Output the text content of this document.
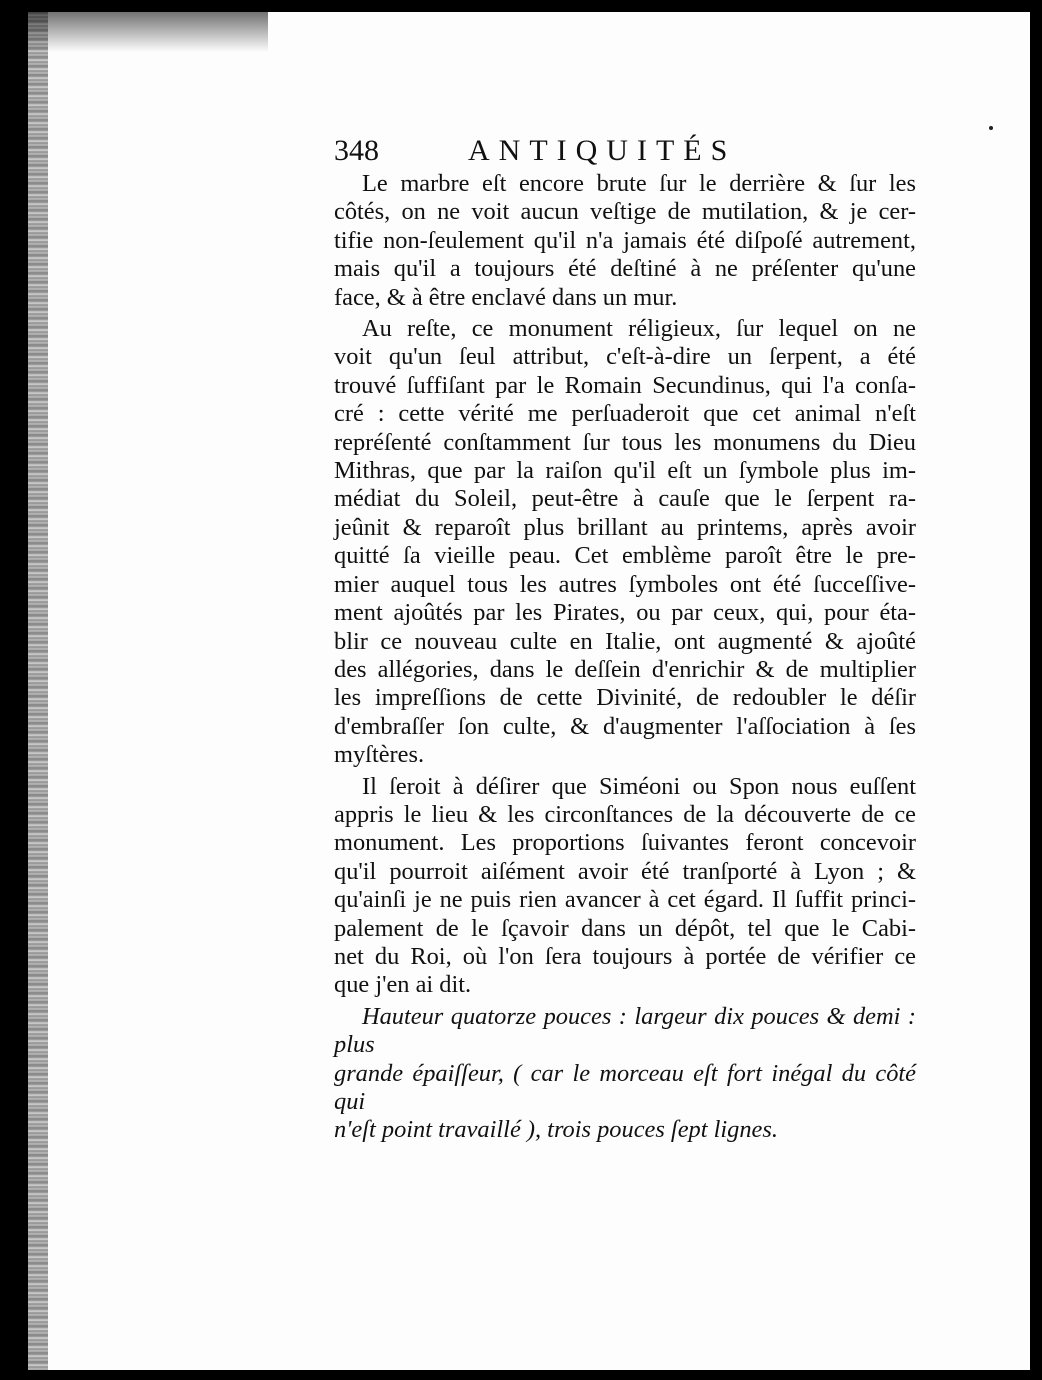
348	ANTIQUITÉS

Le marbre eſt encore brute ſur le derrière & ſur les
côtés, on ne voit aucun veſtige de mutilation, & je cer-
tifie non-ſeulement qu'il n'a jamais été diſpoſé autrement,
mais qu'il a toujours été deſtiné à ne préſenter qu'une
face, & à être enclavé dans un mur.

Au reſte, ce monument réligieux, ſur lequel on ne
voit qu'un ſeul attribut, c'eſt-à-dire un ſerpent, a été
trouvé ſuffiſant par le Romain Secundinus, qui l'a conſa-
cré : cette vérité me perſuaderoit que cet animal n'eſt
repréſenté conſtamment ſur tous les monumens du Dieu
Mithras, que par la raiſon qu'il eſt un ſymbole plus im-
médiat du Soleil, peut-être à cauſe que le ſerpent ra-
jeûnit & reparoît plus brillant au printems, après avoir
quitté ſa vieille peau. Cet emblème paroît être le pre-
mier auquel tous les autres ſymboles ont été ſucceſſive-
ment ajoûtés par les Pirates, ou par ceux, qui, pour éta-
blir ce nouveau culte en Italie, ont augmenté & ajoûté
des allégories, dans le deſſein d'enrichir & de multiplier
les impreſſions de cette Divinité, de redoubler le déſir
d'embraſſer ſon culte, & d'augmenter l'aſſociation à ſes
myſtères.

Il ſeroit à déſirer que Siméoni ou Spon nous euſſent
appris le lieu & les circonſtances de la découverte de ce
monument. Les proportions ſuivantes feront concevoir
qu'il pourroit aiſément avoir été tranſporté à Lyon ; &
qu'ainſi je ne puis rien avancer à cet égard. Il ſuffit princi-
palement de le ſçavoir dans un dépôt, tel que le Cabi-
net du Roi, où l'on ſera toujours à portée de vérifier ce
que j'en ai dit.

Hauteur quatorze pouces : largeur dix pouces & demi : plus
grande épaiſſeur, ( car le morceau eſt fort inégal du côté qui
n'eſt point travaillé ), trois pouces ſept lignes.
